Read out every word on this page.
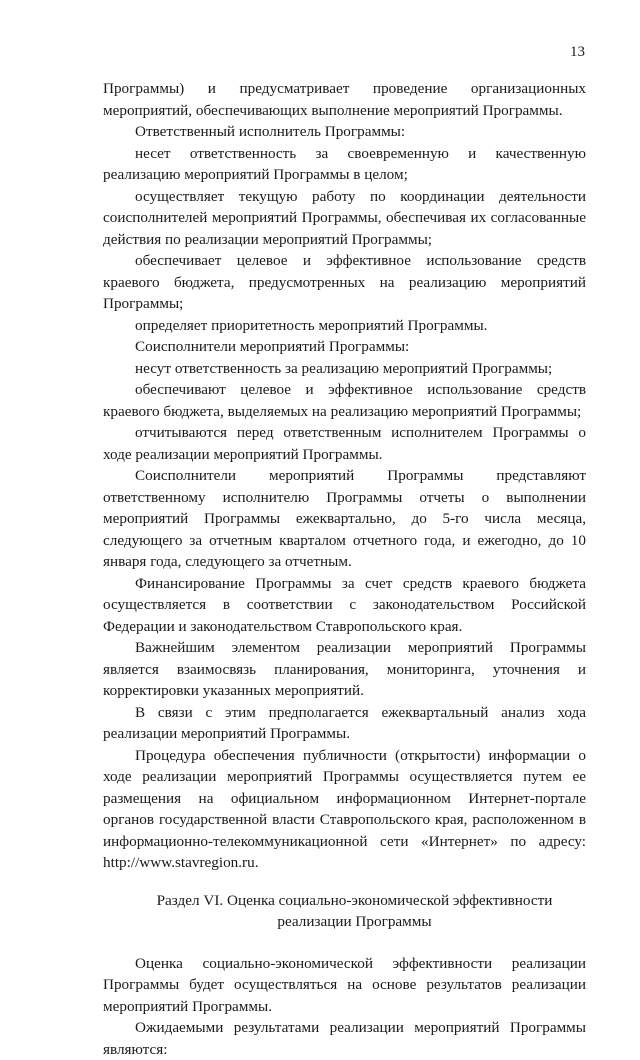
13

Программы) и предусматривает проведение организационных мероприятий, обеспечивающих выполнение мероприятий Программы.

Ответственный исполнитель Программы:

несет ответственность за своевременную и качественную реализацию мероприятий Программы в целом;

осуществляет текущую работу по координации деятельности соисполнителей мероприятий Программы, обеспечивая их согласованные действия по реализации мероприятий Программы;

обеспечивает целевое и эффективное использование средств краевого бюджета, предусмотренных на реализацию мероприятий Программы;

определяет приоритетность мероприятий Программы.

Соисполнители мероприятий Программы:

несут ответственность за реализацию мероприятий Программы;

обеспечивают целевое и эффективное использование средств краевого бюджета, выделяемых на реализацию мероприятий Программы;

отчитываются перед ответственным исполнителем Программы о ходе реализации мероприятий Программы.

Соисполнители мероприятий Программы представляют ответственному исполнителю Программы отчеты о выполнении мероприятий Программы ежеквартально, до 5-го числа месяца, следующего за отчетным кварталом отчетного года, и ежегодно, до 10 января года, следующего за отчетным.

Финансирование Программы за счет средств краевого бюджета осуществляется в соответствии с законодательством Российской Федерации и законодательством Ставропольского края.

Важнейшим элементом реализации мероприятий Программы является взаимосвязь планирования, мониторинга, уточнения и корректировки указанных мероприятий.

В связи с этим предполагается ежеквартальный анализ хода реализации мероприятий Программы.

Процедура обеспечения публичности (открытости) информации о ходе реализации мероприятий Программы осуществляется путем ее размещения на официальном информационном Интернет-портале органов государственной власти Ставропольского края, расположенном в информационно-телекоммуникационной сети «Интернет» по адресу: http://www.stavregion.ru.

Раздел VI. Оценка социально-экономической эффективности реализации Программы

Оценка социально-экономической эффективности реализации Программы будет осуществляться на основе результатов реализации мероприятий Программы.

Ожидаемыми результатами реализации мероприятий Программы являются:
